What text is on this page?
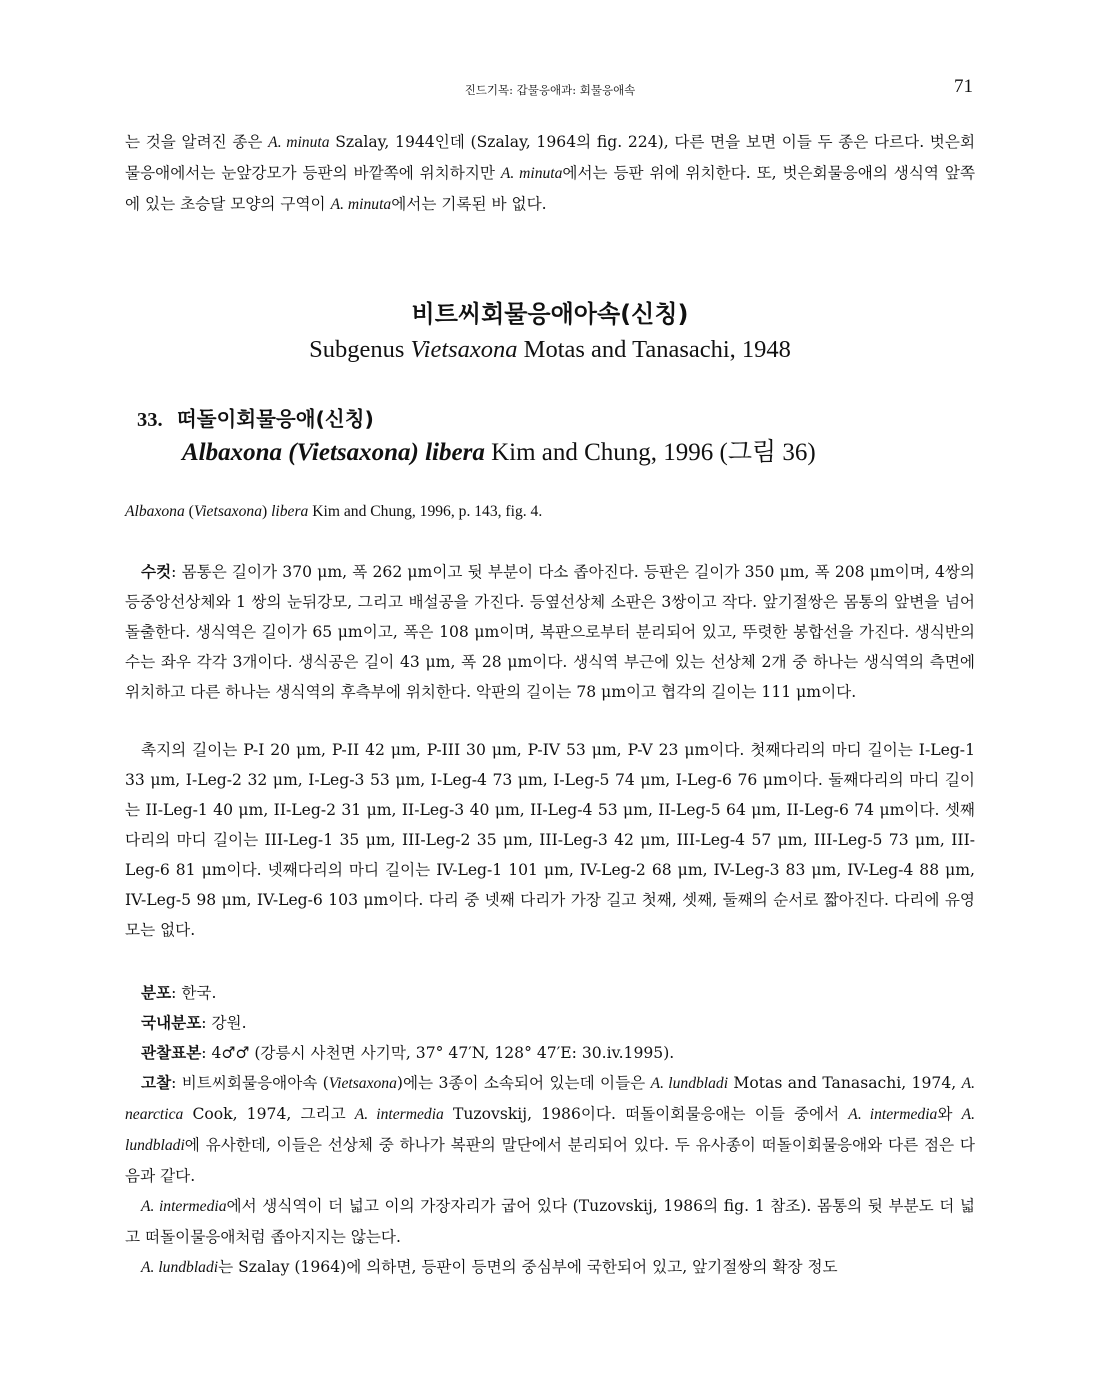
진드기목: 갑물응애과: 회물응애속	71

는 것을 알려진 종은 A. minuta Szalay, 1944인데 (Szalay, 1964의 fig. 224), 다른 면을 보면 이들 두 종은 다르다. 벗은회물응애에서는 눈앞강모가 등판의 바깥쪽에 위치하지만 A. minuta에서는 등판 위에 위치한다. 또, 벗은회물응애의 생식역 앞쪽에 있는 초승달 모양의 구역이 A. minuta에서는 기록된 바 없다.

비트씨회물응애아속(신칭)
Subgenus Vietsaxona Motas and Tanasachi, 1948
33. 떠돌이회물응애(신칭)
Albaxona (Vietsaxona) libera Kim and Chung, 1996 (그림 36)
Albaxona (Vietsaxona) libera Kim and Chung, 1996, p. 143, fig. 4.

수컷: 몸통은 길이가 370 μm, 폭 262 μm이고 뒷 부분이 다소 좁아진다. 등판은 길이가 350 μm, 폭 208 μm이며, 4쌍의 등중앙선상체와 1 쌍의 눈뒤강모, 그리고 배설공을 가진다. 등옆선상체 소판은 3쌍이고 작다. 앞기절쌍은 몸통의 앞변을 넘어 돌출한다. 생식역은 길이가 65 μm이고, 폭은 108 μm이며, 복판으로부터 분리되어 있고, 뚜렷한 봉합선을 가진다. 생식반의 수는 좌우 각각 3개이다. 생식공은 길이 43 μm, 폭 28 μm이다. 생식역 부근에 있는 선상체 2개 중 하나는 생식역의 측면에 위치하고 다른 하나는 생식역의 후측부에 위치한다. 악판의 길이는 78 μm이고 협각의 길이는 111 μm이다.

촉지의 길이는 P-I 20 μm, P-II 42 μm, P-III 30 μm, P-IV 53 μm, P-V 23 μm이다. 첫째다리의 마디 길이는 I-Leg-1 33 μm, I-Leg-2 32 μm, I-Leg-3 53 μm, I-Leg-4 73 μm, I-Leg-5 74 μm, I-Leg-6 76 μm이다. 둘째다리의 마디 길이는 II-Leg-1 40 μm, II-Leg-2 31 μm, II-Leg-3 40 μm, II-Leg-4 53 μm, II-Leg-5 64 μm, II-Leg-6 74 μm이다. 셋째다리의 마디 길이는 III-Leg-1 35 μm, III-Leg-2 35 μm, III-Leg-3 42 μm, III-Leg-4 57 μm, III-Leg-5 73 μm, III-Leg-6 81 μm이다. 넷째다리의 마디 길이는 IV-Leg-1 101 μm, IV-Leg-2 68 μm, IV-Leg-3 83 μm, IV-Leg-4 88 μm, IV-Leg-5 98 μm, IV-Leg-6 103 μm이다. 다리 중 넷째 다리가 가장 길고 첫째, 셋째, 둘째의 순서로 짧아진다. 다리에 유영모는 없다.

분포: 한국.

국내분포: 강원.

관찰표본: 4♂♂ (강릉시 사천면 사기막, 37° 47′N, 128° 47′E: 30.iv.1995).

고찰: 비트씨회물응애아속 (Vietsaxona)에는 3종이 소속되어 있는데 이들은 A. lundbladi Motas and Tanasachi, 1974, A. nearctica Cook, 1974, 그리고 A. intermedia Tuzovskij, 1986이다. 떠돌이회물응애는 이들 중에서 A. intermedia와 A. lundbladi에 유사한데, 이들은 선상체 중 하나가 복판의 말단에서 분리되어 있다. 두 유사종이 떠돌이회물응애와 다른 점은 다음과 같다.

A. intermedia에서 생식역이 더 넓고 이의 가장자리가 굽어 있다 (Tuzovskij, 1986의 fig. 1 참조). 몸통의 뒷 부분도 더 넓고 떠돌이물응애처럼 좁아지지는 않는다.

A. lundbladi는 Szalay (1964)에 의하면, 등판이 등면의 중심부에 국한되어 있고, 앞기절쌍의 확장 정도
